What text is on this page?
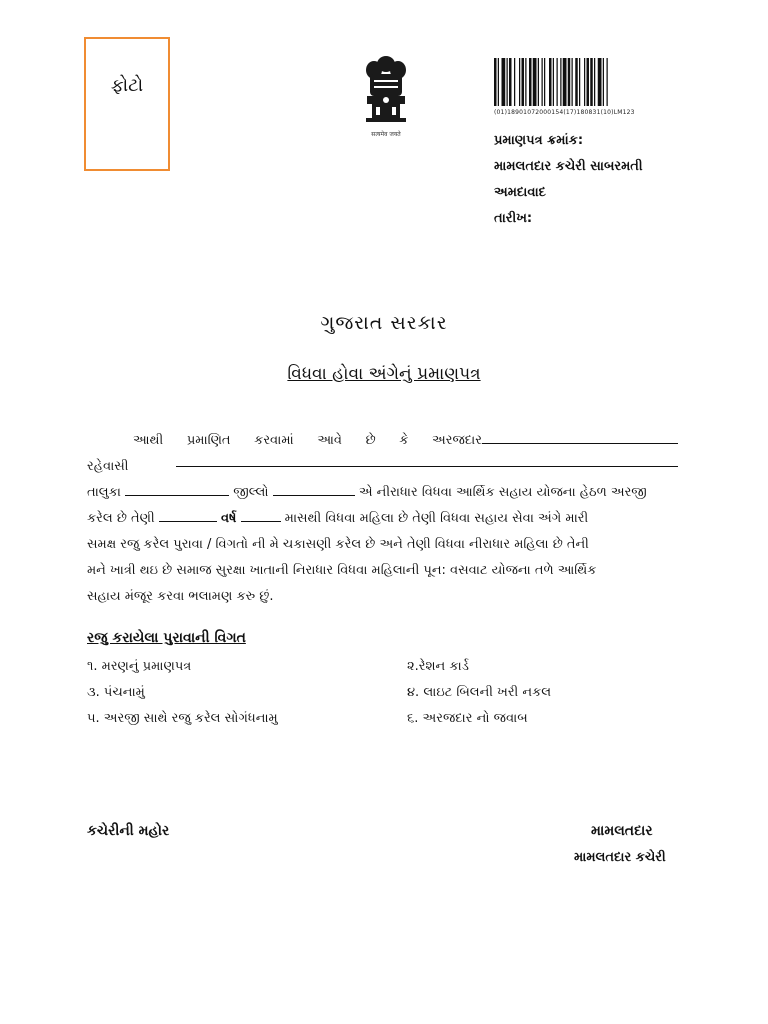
ફોટો
सत्यमेव जयते
(01)18901072000154(17)180831(10)LM123
પ્રમાણપત્ર ક્રમાંક:
મામલતદાર કચેરી સાબરમતી
અમદાવાદ
તારીખ:
ગુજરાત સરકાર
વિધવા હોવા અંગેનું પ્રમાણપત્ર
આથી પ્રમાણિત કરવામાં આવે છે કે અરજદાર
રહેવાસી
તાલુકા	જીલ્લો	એ નીરાધાર વિધવા આર્થિક સહાય યોજના હેઠળ અરજી
કરેલ છે તેણી	વર્ષ	માસથી વિધવા મહિલા છે તેણી વિધવા સહાય સેવા અંગે મારી
સમક્ષ રજુ કરેલ પુરાવા / વિગતો ની મે ચકાસણી કરેલ છે અને તેણી વિધવા નીરાધાર મહિલા છે તેની
મને ખાત્રી થઇ છે સમાજ સુરક્ષા ખાતાની નિરાધાર વિધવા મહિલાની પૂન: વસવાટ યોજના તળે આર્થિક
સહાય મંજૂર કરવા ભલામણ કરુ છું.
રજુ કરાયેલા પુરાવાની વિગત
૧. મરણનું પ્રમાણપત્ર	૨.રેશન કાર્ડ
૩. પંચનામું	૪. લાઇટ બિલની ખરી નકલ
૫. અરજી સાથે રજુ કરેલ સોગંધનામુ	૬. અરજદાર નો જવાબ
કચેરીની મહોર	મામલતદાર
મામલતદાર કચેરી
